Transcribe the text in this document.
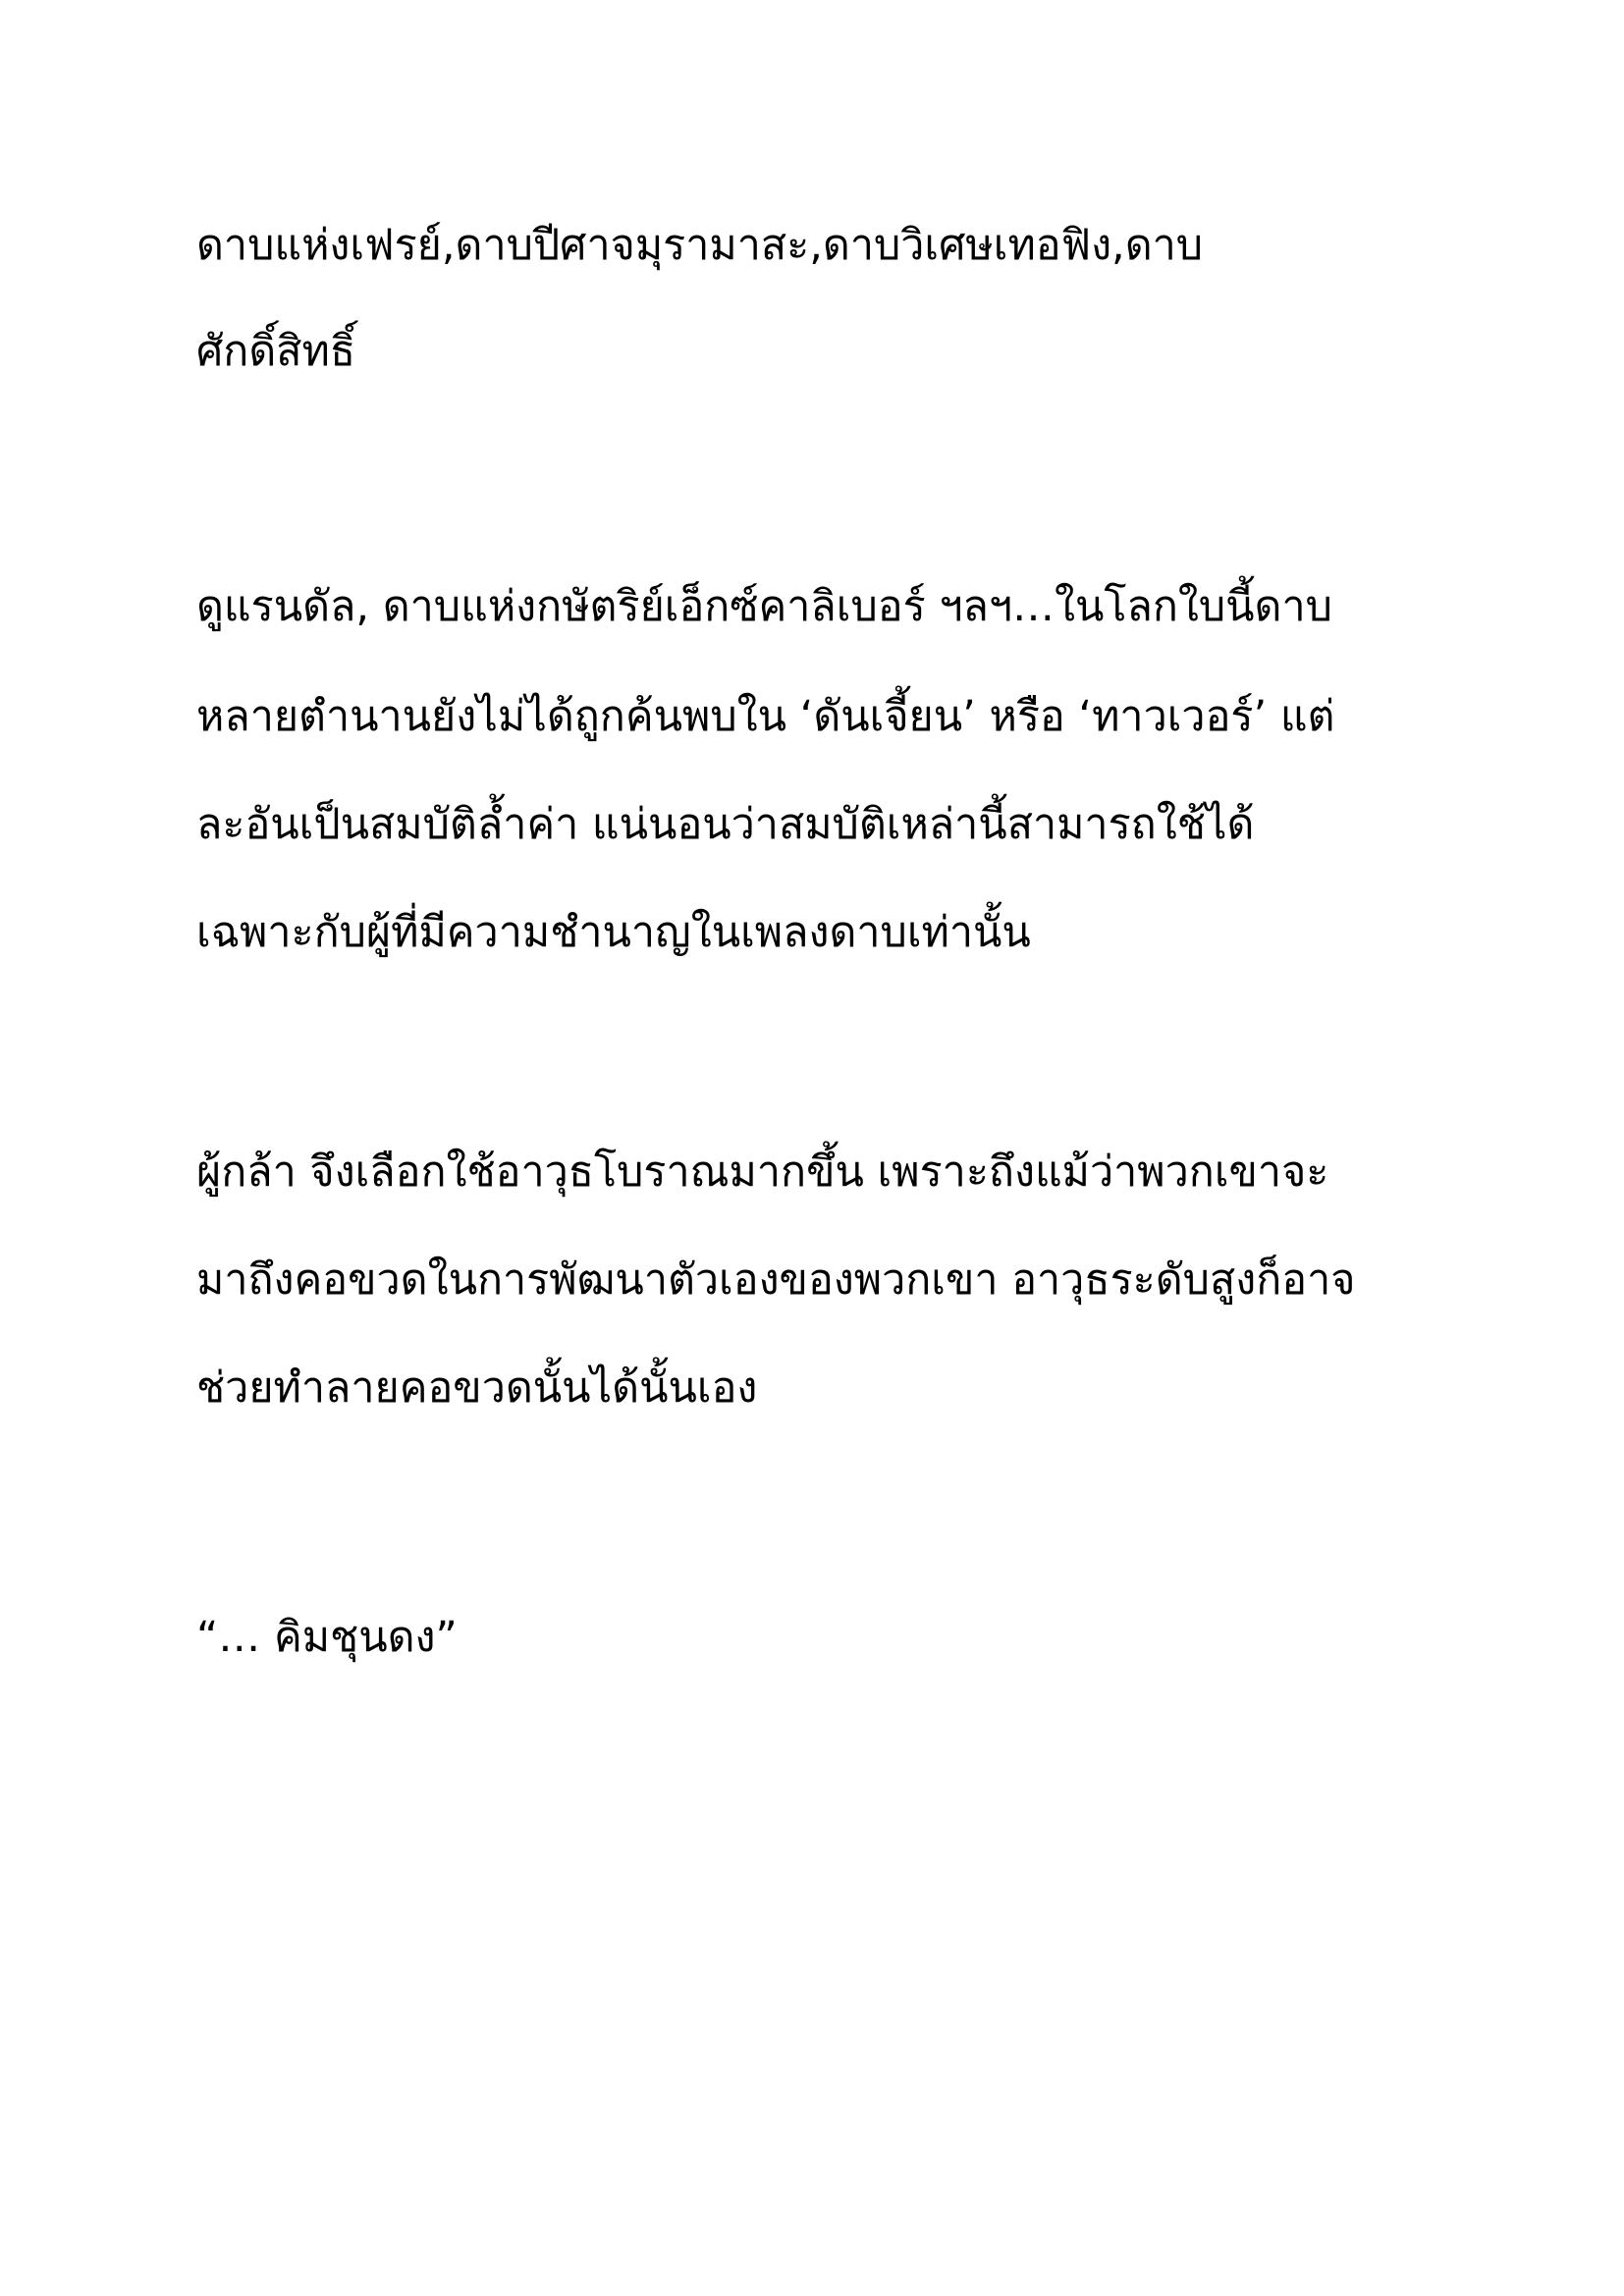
ดาบแห่งเฟรย์,ดาบปีศาจมุรามาสะ,ดาบวิเศษเทอฟิง,ดาบ

ศักดิ์สิทธิ์

ดูแรนดัล, ดาบแห่งกษัตริย์เอ็กซ์คาลิเบอร์ ฯลฯ…ในโลกใบนี้ดาบ

หลายตำนานยังไม่ได้ถูกค้นพบใน ‘ดันเจี้ยน’ หรือ ‘ทาวเวอร์’ แต่

ละอันเป็นสมบัติล้ำค่า แน่นอนว่าสมบัติเหล่านี้สามารถใช้ได้

เฉพาะกับผู้ที่มีความชำนาญในเพลงดาบเท่านั้น

ผู้กล้า จึงเลือกใช้อาวุธโบราณมากขึ้น เพราะถึงแม้ว่าพวกเขาจะ

มาถึงคอขวดในการพัฒนาตัวเองของพวกเขา อาวุธระดับสูงก็อาจ

ช่วยทำลายคอขวดนั้นได้นั้นเอง

“… คิมชุนดง”
